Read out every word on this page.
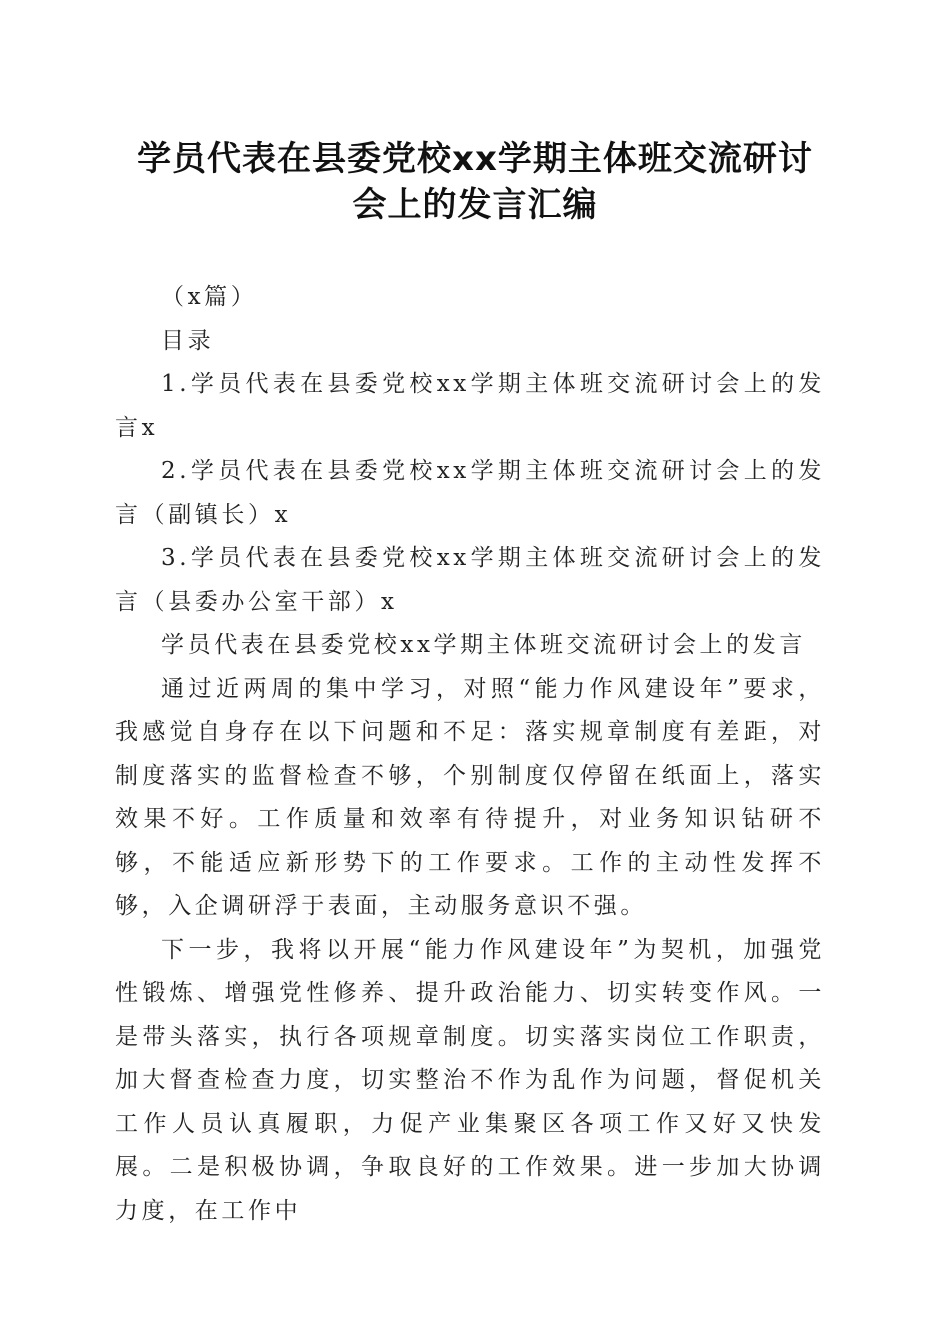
学员代表在县委党校xx学期主体班交流研讨
会上的发言汇编

（x篇）

目录

1.学员代表在县委党校xx学期主体班交流研讨会上的发言x

2.学员代表在县委党校xx学期主体班交流研讨会上的发言（副镇长）x

3.学员代表在县委党校xx学期主体班交流研讨会上的发言（县委办公室干部）x

学员代表在县委党校xx学期主体班交流研讨会上的发言

通过近两周的集中学习，对照“能力作风建设年”要求，我感觉自身存在以下问题和不足：落实规章制度有差距，对制度落实的监督检查不够，个别制度仅停留在纸面上，落实效果不好。工作质量和效率有待提升，对业务知识钻研不够，不能适应新形势下的工作要求。工作的主动性发挥不够，入企调研浮于表面，主动服务意识不强。

下一步，我将以开展“能力作风建设年”为契机，加强党性锻炼、增强党性修养、提升政治能力、切实转变作风。一是带头落实，执行各项规章制度。切实落实岗位工作职责，加大督查检查力度，切实整治不作为乱作为问题，督促机关工作人员认真履职，力促产业集聚区各项工作又好又快发展。二是积极协调，争取良好的工作效果。进一步加大协调力度，在工作中
